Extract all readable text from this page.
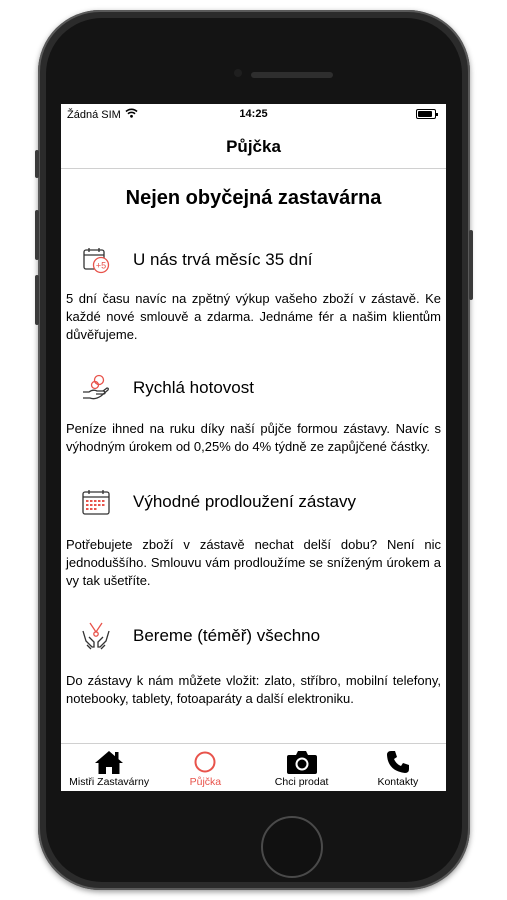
Žádná SIM	14:25
Půjčka
Nejen obyčejná zastavárna
+5 U nás trvá měsíc 35 dní

5 dní času navíc na zpětný výkup vašeho zboží v zástavě. Ke každé nové smlouvě a zdarma. Jednáme fér a našim klientům důvěřujeme.

Rychlá hotovost

Peníze ihned na ruku díky naší půjče formou zástavy. Navíc s výhodným úrokem od 0,25% do 4% týdně ze zapůjčené částky.

Výhodné prodloužení zástavy

Potřebujete zboží v zástavě nechat delší dobu? Není nic jednoduššího. Smlouvu vám prodloužíme se sníženým úrokem a vy tak ušetříte.

Bereme (téměř) všechno

Do zástavy k nám můžete vložit: zlato, stříbro, mobilní telefony, notebooky, tablety, fotoaparáty a další elektroniku.

Mistři Zastavárny	Půjčka	Chci prodat	Kontakty
